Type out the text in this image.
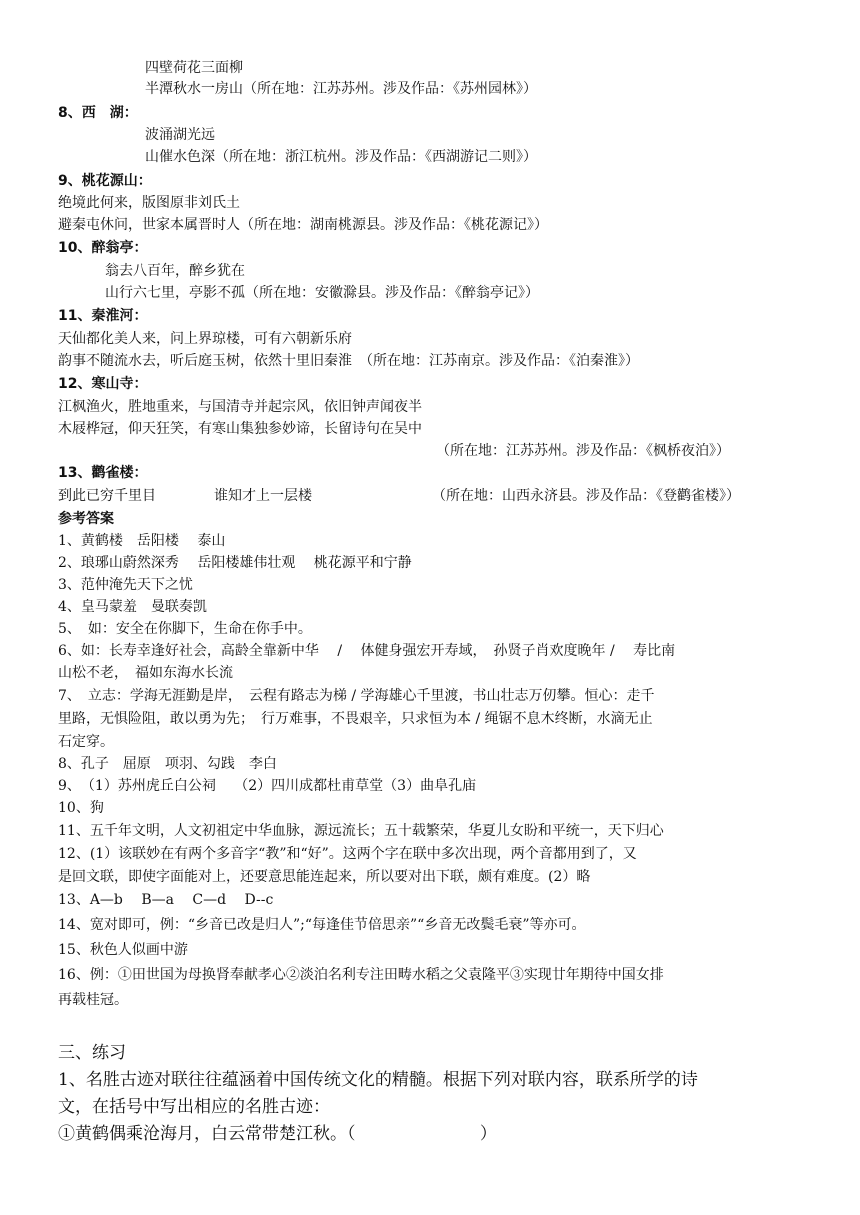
四壁荷花三面柳
半潭秋水一房山（所在地：江苏苏州。涉及作品：《苏州园林》）
8、西　湖：
波涌湖光远
山催水色深（所在地：浙江杭州。涉及作品：《西湖游记二则》）
9、桃花源山：
绝境此何来，版图原非刘氏土
避秦屯休问，世家本属晋时人（所在地：湖南桃源县。涉及作品：《桃花源记》）
10、醉翁亭：
翁去八百年，醉乡犹在
山行六七里，亭影不孤（所在地：安徽滁县。涉及作品：《醉翁亭记》）
11、秦淮河：
天仙都化美人来，问上界琼楼，可有六朝新乐府
韵事不随流水去，听后庭玉树，依然十里旧秦淮　（所在地：江苏南京。涉及作品：《泊秦淮》）
12、寒山寺：
江枫渔火，胜地重来，与国清寺并起宗风，依旧钟声闻夜半
木屐桦冠，仰天狂笑，有寒山集独参妙谛，长留诗句在吴中
（所在地：江苏苏州。涉及作品：《枫桥夜泊》）
13、鹳雀楼：
到此已穷千里目	谁知才上一层楼	（所在地：山西永济县。涉及作品：《登鹳雀楼》）
参考答案
1、黄鹤楼　岳阳楼　 泰山
2、琅琊山蔚然深秀　 岳阳楼雄伟壮观　 桃花源平和宁静
3、范仲淹先天下之忧
4、皇马蒙羞　曼联奏凯
5、　如：安全在你脚下，生命在你手中。
6、如：长寿幸逢好社会，高龄全靠新中华　 /　 体健身强宏开寿域，　孙贤子肖欢度晚年 /　 寿比南
山松不老，　福如东海水长流
7、　立志：学海无涯勤是岸，　云程有路志为梯 / 学海雄心千里渡，书山壮志万仞攀。恒心：走千
里路，无惧险阻，敢以勇为先；　行万难事，不畏艰辛，只求恒为本 / 绳锯不息木终断，水滴无止
石定穿。
8、孔子　屈原　项羽、勾践　李白
9、　（1）苏州虎丘白公祠　 （2）四川成都杜甫草堂（3）曲阜孔庙
10、狗
11、五千年文明，人文初祖定中华血脉，源远流长；五十载繁荣，华夏儿女盼和平统一，天下归心
12、(1）该联妙在有两个多音字“教”和“好”。这两个字在联中多次出现，两个音都用到了，又
是回文联，即使字面能对上，还要意思能连起来，所以要对出下联，颇有难度。(2）略
13、A—b　 B—a　 C—d　 D--c
14、宽对即可，例：“乡音已改是归人”;“每逢佳节倍思亲”“乡音无改鬓毛衰”等亦可。
15、秋色人似画中游
16、例：①田世国为母换肾奉献孝心②淡泊名利专注田畴水稻之父袁隆平③实现廿年期待中国女排
再载桂冠。
三、练习
1、名胜古迹对联往往蕴涵着中国传统文化的精髓。根据下列对联内容，联系所学的诗
文，在括号中写出相应的名胜古迹：
①黄鹤偶乘沧海月，白云常带楚江秋。（　　　　　　　 ）
